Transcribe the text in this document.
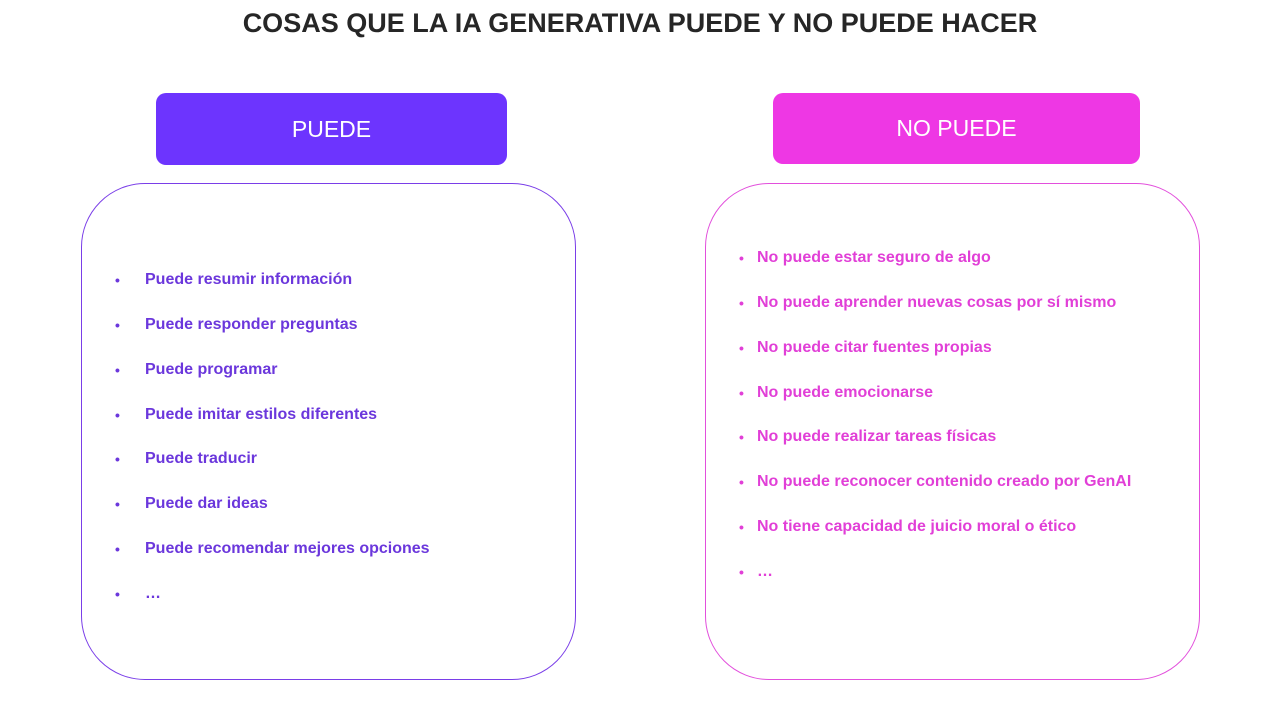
COSAS QUE LA IA GENERATIVA PUEDE Y NO PUEDE HACER
PUEDE	NO PUEDE
• Puede resumir información
• Puede responder preguntas
• Puede programar
• Puede imitar estilos diferentes
• Puede traducir
• Puede dar ideas
• Puede recomendar mejores opciones
• …
• No puede estar seguro de algo
• No puede aprender nuevas cosas por sí mismo
• No puede citar fuentes propias
• No puede emocionarse
• No puede realizar tareas físicas
• No puede reconocer contenido creado por GenAI
• No tiene capacidad de juicio moral o ético
• …
